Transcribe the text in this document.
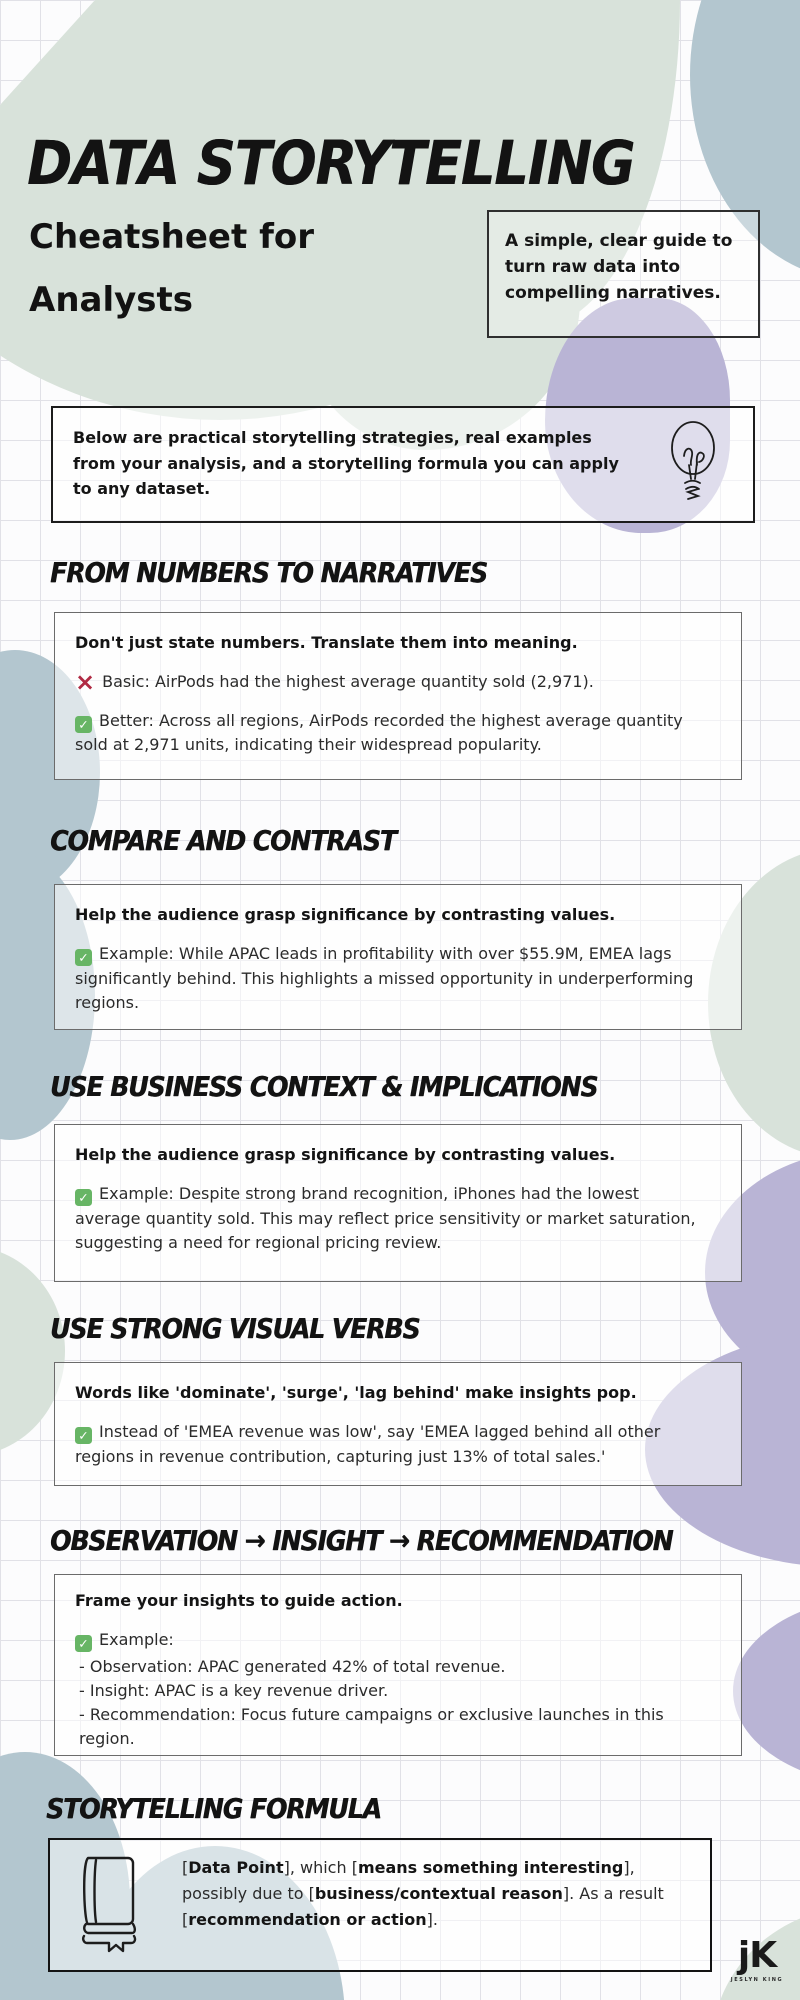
DATA STORYTELLING
Cheatsheet for
Analysts

A simple, clear guide to turn raw data into compelling narratives.

Below are practical storytelling strategies, real examples from your analysis, and a storytelling formula you can apply to any dataset.

FROM NUMBERS TO NARRATIVES

Don't just state numbers. Translate them into meaning.

× Basic: AirPods had the highest average quantity sold (2,971).

✓ Better: Across all regions, AirPods recorded the highest average quantity sold at 2,971 units, indicating their widespread popularity.

COMPARE AND CONTRAST

Help the audience grasp significance by contrasting values.

✓ Example: While APAC leads in profitability with over $55.9M, EMEA lags significantly behind. This highlights a missed opportunity in underperforming regions.

USE BUSINESS CONTEXT & IMPLICATIONS

Help the audience grasp significance by contrasting values.

✓ Example: Despite strong brand recognition, iPhones had the lowest average quantity sold. This may reflect price sensitivity or market saturation, suggesting a need for regional pricing review.

USE STRONG VISUAL VERBS

Words like 'dominate', 'surge', 'lag behind' make insights pop.

✓ Instead of 'EMEA revenue was low', say 'EMEA lagged behind all other regions in revenue contribution, capturing just 13% of total sales.'

OBSERVATION → INSIGHT → RECOMMENDATION

Frame your insights to guide action.

✓ Example:

- Observation: APAC generated 42% of total revenue.
- Insight: APAC is a key revenue driver.
- Recommendation: Focus future campaigns or exclusive launches in this region.
STORYTELLING FORMULA

[Data Point], which [means something interesting], possibly due to [business/contextual reason]. As a result [recommendation or action].

jK
JESLYN KING
